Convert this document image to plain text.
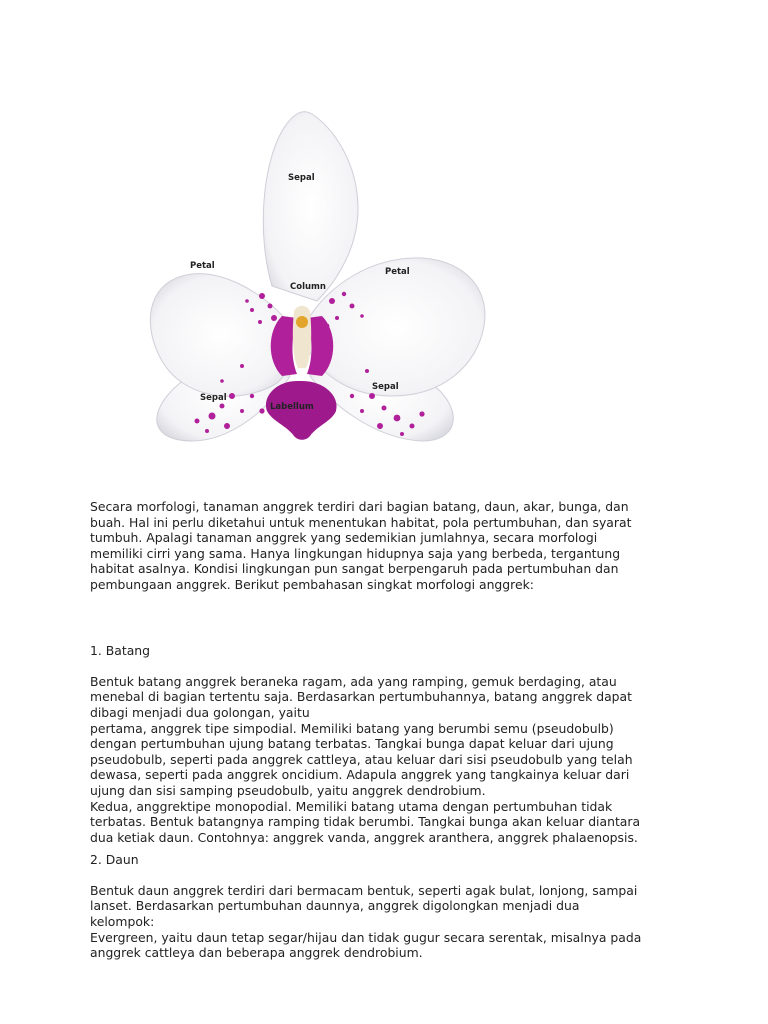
Sepal
Petal
Petal
Column
Sepal
Sepal
Labellum
Secara morfologi, tanaman anggrek terdiri dari bagian batang, daun, akar, bunga, dan
buah. Hal ini perlu diketahui untuk menentukan habitat, pola pertumbuhan, dan syarat
tumbuh. Apalagi tanaman anggrek yang sedemikian jumlahnya, secara morfologi
memiliki cirri yang sama. Hanya lingkungan hidupnya saja yang berbeda, tergantung
habitat asalnya. Kondisi lingkungan pun sangat berpengaruh pada pertumbuhan dan
pembungaan anggrek. Berikut pembahasan singkat morfologi anggrek:

1. Batang

Bentuk batang anggrek beraneka ragam, ada yang ramping, gemuk berdaging, atau
menebal di bagian tertentu saja. Berdasarkan pertumbuhannya, batang anggrek dapat
dibagi menjadi dua golongan, yaitu
pertama, anggrek tipe simpodial. Memiliki batang yang berumbi semu (pseudobulb)
dengan pertumbuhan ujung batang terbatas. Tangkai bunga dapat keluar dari ujung
pseudobulb, seperti pada anggrek cattleya, atau keluar dari sisi pseudobulb yang telah
dewasa, seperti pada anggrek oncidium. Adapula anggrek yang tangkainya keluar dari
ujung dan sisi samping pseudobulb, yaitu anggrek dendrobium.
Kedua, anggrektipe monopodial. Memiliki batang utama dengan pertumbuhan tidak
terbatas. Bentuk batangnya ramping tidak berumbi. Tangkai bunga akan keluar diantara
dua ketiak daun. Contohnya: anggrek vanda, anggrek aranthera, anggrek phalaenopsis.

2. Daun

Bentuk daun anggrek terdiri dari bermacam bentuk, seperti agak bulat, lonjong, sampai
lanset. Berdasarkan pertumbuhan daunnya, anggrek digolongkan menjadi dua
kelompok:
Evergreen, yaitu daun tetap segar/hijau dan tidak gugur secara serentak, misalnya pada
anggrek cattleya dan beberapa anggrek dendrobium.
